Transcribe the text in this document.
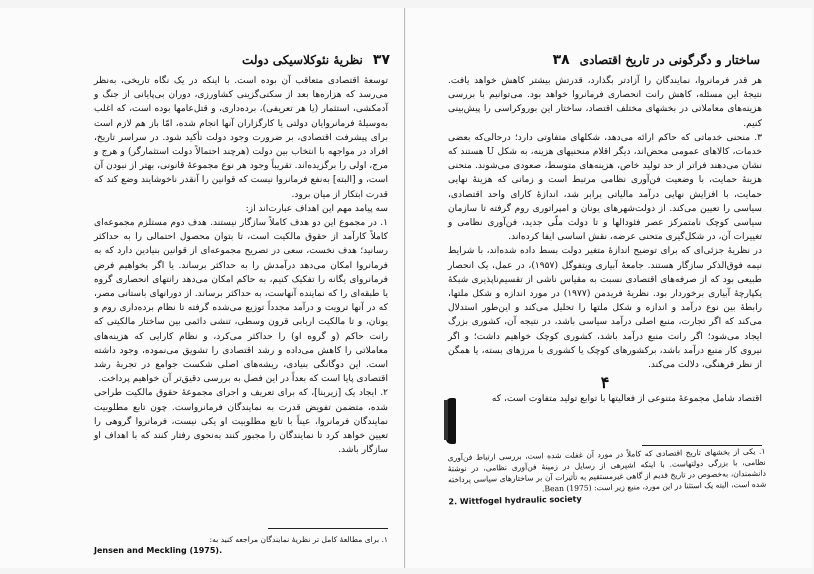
۳۷
نظریهٔ نئوکلاسیکی دولت

توسعهٔ اقتصادی متعاقب آن بوده است. با اینکه در یک نگاه تاریخی، به‌نظر می‌رسد که هزاره‌ها بعد از سکنی‌گزینی کشاورزی، دوران بی‌پایانی از جنگ و آدمکشی، استثمار (یا هر تعریفی)، برده‌داری، و قتل‌عامها بوده است، که اغلب به‌وسیلهٔ فرمانروایان دولتی یا کارگزاران آنها انجام شده، امّا باز هم لازم است برای پیشرفت اقتصادی، بر ضرورت وجود دولت تأکید شود. در سراسر تاریخ، افراد در مواجهه با انتخاب بین دولت (هرچند احتمالاً دولت استثمارگر) و هرج و مرج، اولی را برگزیده‌اند. تقریباً وجود هر نوع مجموعهٔ قانونی، بهتر از نبودن آن است، و [البته] به‌نفع فرمانروا نیست که قوانین را آنقدر ناخوشایند وضع کند که قدرت ابتکار از میان برود.

سه پیامد مهم این اهداف عبارت‌اند از:

۱. در مجموع این دو هدف کاملاً سازگار نیستند. هدف دوم مستلزم مجموعه‌ای کاملاً کارآمد از حقوق مالکیت است، تا بتوان محصول احتمالی را به حداکثر رسانید؛ هدف نخست، سعی در تصریح مجموعه‌ای از قوانین بنیادین دارد که به فرمانروا امکان می‌دهد درآمدش را به حداکثر برساند. یا اگر بخواهیم فرض فرمانروای یگانه را تفکیک کنیم، به حاکم امکان می‌دهد رانتهای انحصاری گروه یا طبقه‌ای را که نماینده آنهاست، به حداکثر برساند. از دورانهای باستانی مصر، که در آنها ترویت و درآمد مجدداً توزیع می‌شده گرفته تا نظام برده‌داری روم و یونان، و تا مالکیت اربابی قرون وسطی، تنشی دائمی بین ساختار مالکیتی که رانت حاکم (و گروه او) را حداکثر می‌کرد، و نظام کارایی که هزینه‌های معاملاتی را کاهش می‌داده و رشد اقتصادی را تشویق می‌نموده، وجود داشته است. این دوگانگی بنیادی، ریشه‌های اصلی شکست جوامع در تجربهٔ رشد اقتصادی پایا است که بعداً در این فصل به بررسی دقیق‌تر آن خواهیم پرداخت.

۲. ایجاد یک [زیربنا]، که برای تعریف و اجرای مجموعهٔ حقوق مالکیت طراحی شده، متضمن تفویض قدرت به نمایندگان فرمانرواست. چون تابع مطلوبیت نمایندگان فرمانروا، عیناً با تابع مطلوبیت او یکی نیست، فرمانروا گروهی را تعیین خواهد کرد تا نمایندگان را مجبور کنند به‌نحوی رفتار کنند که با اهداف او سازگار باشد.

۱. برای مطالعهٔ کامل تر نظریهٔ نمایندگان مراجعه کنید به:
Jensen and Meckling (1975).
ساختار و دگرگونی در تاریخ اقتصادی
۳۸

هر قدر فرمانروا، نمایندگان را آزادتر بگذارد، قدرتش بیشتر کاهش خواهد یافت. نتیجهٔ این مسئله، کاهش رانت انحصاری فرمانروا خواهد بود. می‌توانیم با بررسی هزینه‌های معاملاتی در بخشهای مختلف اقتصاد، ساختار این بوروکراسی را پیش‌بینی کنیم.

۳. منحنی خدماتی که حاکم ارائه می‌دهد، شکلهای متفاوتی دارد؛ درحالی‌که بعضی خدمات، کالاهای عمومی محض‌اند، دیگر اقلام منحنیهای هزینه، به شکل U هستند که نشان می‌دهند فراتر از حد تولید خاص، هزینه‌های متوسط، صعودی می‌شوند. منحنی هزینهٔ حمایت، با وضعیت فن‌آوری نظامی مرتبط است و زمانی که هزینهٔ نهایی حمایت، با افزایش نهایی درآمد مالیاتی برابر شد، اندازهٔ کارای واحد اقتصادی، سیاسی را تعیین می‌کند. از دولت‌شهرهای یونان و امپراتوری روم گرفته تا سازمان سیاسی کوچک نامتمرکز عصر فئودالها و تا دولت ملّی جدید، فن‌آوری نظامی و تغییرات آن، در شکل‌گیری متحنی عرضه، نقش اساسی ایفا کرده‌اند.

در نظریهٔ جزئی‌ای که برای توضیح اندازهٔ متغیر دولت بسط داده شده‌اند، با شرایط نیمه‌ فوق‌الذکر سازگار هستند. جامعهٔ آبیاری ویتفوگل (۱۹۵۷)، در عمل، یک انحصار طبیعی بود که از صرفه‌های اقتصادی نسبت به مقیاس ناشی از تقسیم‌ناپذیری شبکهٔ یکپارچهٔ آبیاری برخوردار بود. نظریهٔ فریدمن (۱۹۷۷) در مورد اندازه و شکل ملتها، رابطهٔ بین نوع درآمد و اندازه و شکل ملتها را تحلیل می‌کند و این‌طور استدلال می‌کند که اگر تجارت، منبع اصلی درآمد سیاسی باشد، در نتیجه آن، کشوری بزرگ ایجاد می‌شود؛ اگر رانت منبع درآمد باشد، کشوری کوچک خواهیم داشت؛ و اگر نیروی کار منبع درآمد باشد، برکشورهای کوچک یا کشوری با مرزهای بسته، یا همگن از نظر فرهنگی، دلالت می‌کند.

۴

اقتصاد شامل مجموعهٔ متنوعی از فعالیتها با توابع تولید متفاوت است، که

۱. یکی از بخشهای تاریخ اقتصادی که کاملاً در مورد آن غفلت شده است، بررسی ارتباط فن‌آوری نظامی، با بزرگی دولتهاست. با اینکه اشپرهی از رسایل در زمینهٔ فن‌آوری نظامی، در نوشتهٔ دانشمندان، به‌خصوص در تاریخ قدیم از گاهی غیرمستقیم به تأثیرات آن بر ساختارهای سیاسی پرداخته شده است، البته یک استثنا در این مورد، منبع زیر است: (1975) Bean.
2. Wittfogel hydraulic society
